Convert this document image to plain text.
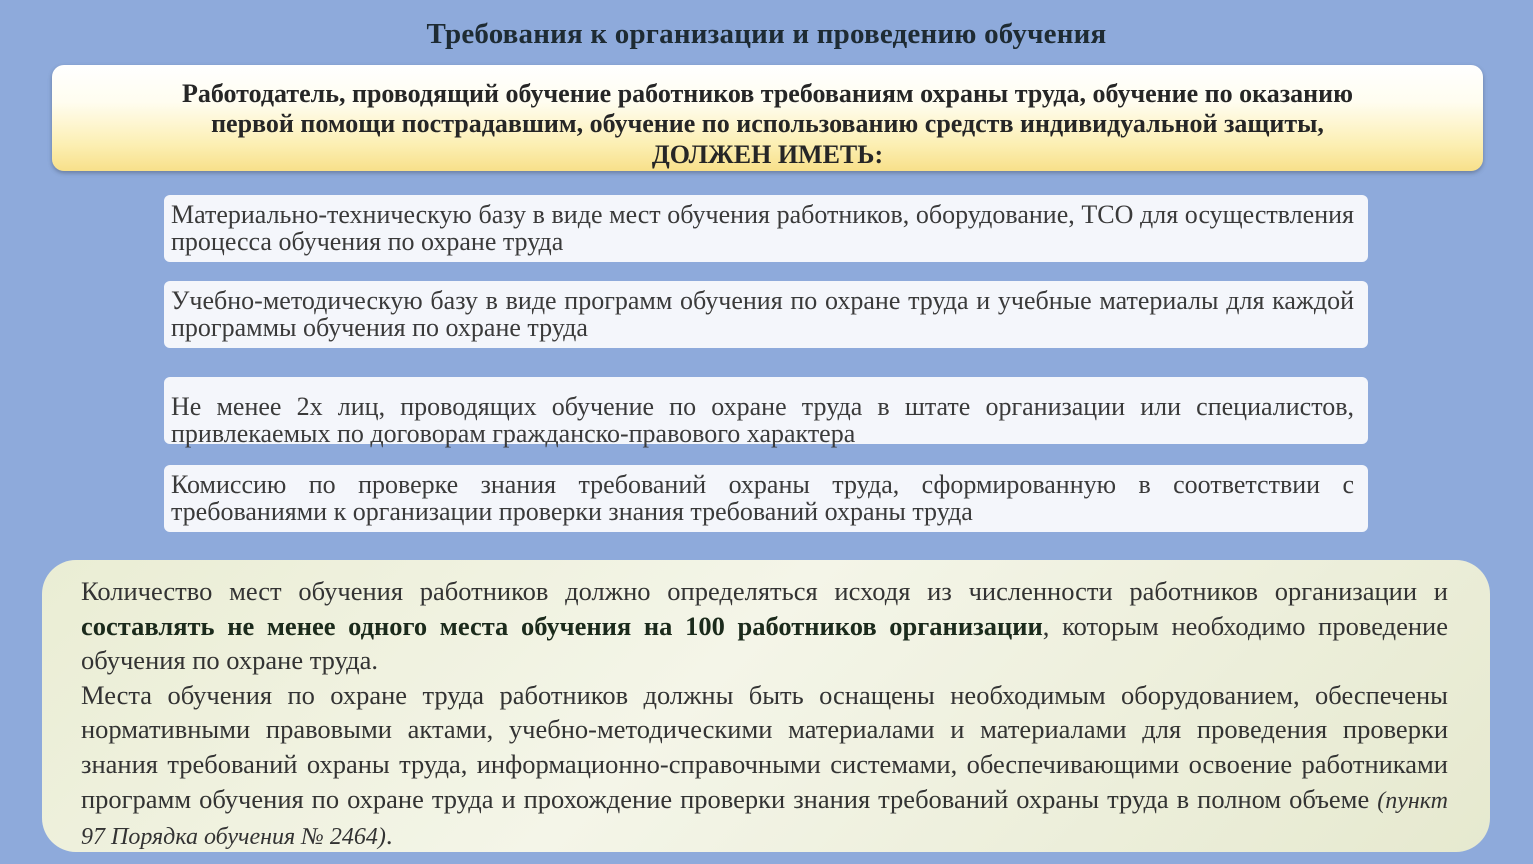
Требования к организации и проведению обучения
Работодатель, проводящий обучение работников требованиям охраны труда, обучение по оказанию
первой помощи пострадавшим, обучение по использованию средств индивидуальной защиты,
ДОЛЖЕН ИМЕТЬ:
Материально-техническую базу в виде мест обучения работников, оборудование, ТСО для осуществления процесса обучения по охране труда
Учебно-методическую базу в виде программ обучения по охране труда и учебные материалы для каждой программы обучения по охране труда
Не менее 2х лиц, проводящих обучение по охране труда в штате организации или специалистов, привлекаемых по договорам гражданско-правового характера
Комиссию по проверке знания требований охраны труда, сформированную в соответствии с требованиями к организации проверки знания требований охраны труда
Количество мест обучения работников должно определяться исходя из численности работников организации и составлять не менее одного места обучения на 100 работников организации, которым необходимо проведение обучения по охране труда.
Места обучения по охране труда работников должны быть оснащены необходимым оборудованием, обеспечены нормативными правовыми актами, учебно-методическими материалами и материалами для проведения проверки знания требований охраны труда, информационно-справочными системами, обеспечивающими освоение работниками программ обучения по охране труда и прохождение проверки знания требований охраны труда в полном объеме (пункт 97 Порядка обучения № 2464).
